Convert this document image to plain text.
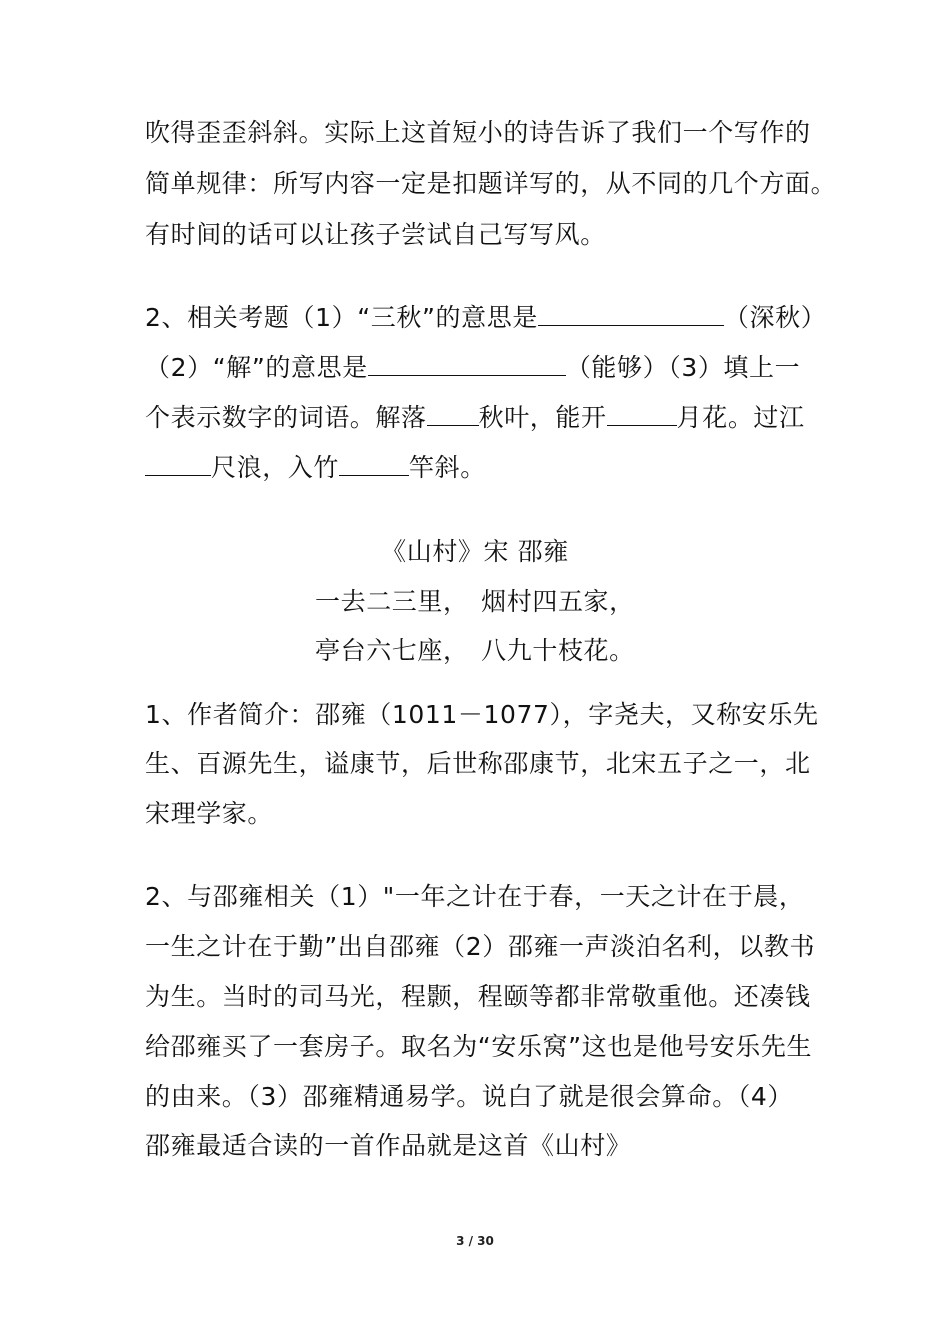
吹得歪歪斜斜。实际上这首短小的诗告诉了我们一个写作的
简单规律：所写内容一定是扣题详写的，从不同的几个方面。
有时间的话可以让孩子尝试自己写写风。
2、相关考题（1）“三秋”的意思是	（深秋）
（2）“解”的意思是	（能够）（3）填上一
个表示数字的词语。解落 秋叶，能开	月花。过江
尺浪，入竹	竿斜。
《山村》宋 邵雍
一去二三里， 烟村四五家，
亭台六七座， 八九十枝花。
1、作者简介：邵雍（1011－1077），字尧夫，又称安乐先
生、百源先生，谥康节，后世称邵康节，北宋五子之一，北
宋理学家。
2、与邵雍相关（1）"一年之计在于春，一天之计在于晨，
一生之计在于勤”出自邵雍（2）邵雍一声淡泊名利，以教书
为生。当时的司马光，程颢，程颐等都非常敬重他。还凑钱
给邵雍买了一套房子。取名为“安乐窝”这也是他号安乐先生
的由来。（3）邵雍精通易学。说白了就是很会算命。（4）
邵雍最适合读的一首作品就是这首《山村》
3 / 30
